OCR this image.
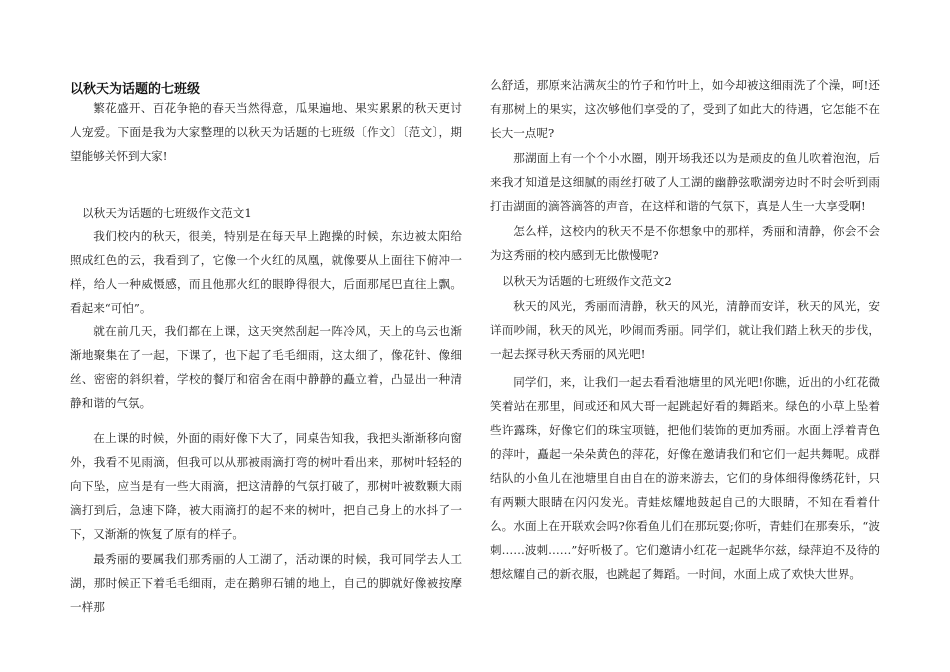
以秋天为话题的七班级

繁花盛开、百花争艳的春天当然得意，瓜果遍地、果实累累的秋天更讨人宠爱。下面是我为大家整理的以秋天为话题的七班级〔作文〕〔范文〕，期望能够关怀到大家!

以秋天为话题的七班级作文范文1

我们校内的秋天，很美，特别是在每天早上跑操的时候，东边被太阳给照成红色的云，我看到了，它像一个火红的凤凰，就像要从上面往下俯冲一样，给人一种威慑感，而且他那火红的眼睁得很大，后面那尾巴直往上飘。看起来“可怕”。

就在前几天，我们都在上课，这天突然刮起一阵冷风，天上的乌云也渐渐地聚集在了一起，下课了，也下起了毛毛细雨，这太细了，像花针、像细丝、密密的斜织着，学校的餐厅和宿舍在雨中静静的矗立着，凸显出一种清静和谐的气氛。

在上课的时候，外面的雨好像下大了，同桌告知我，我把头渐渐移向窗外，我看不见雨滴，但我可以从那被雨滴打弯的树叶看出来，那树叶轻轻的向下坠，应当是有一些大雨滴，把这清静的气氛打破了，那树叶被数颗大雨滴打到后，急速下降，被大雨滴打的起不来的树叶，把自己身上的水抖了一下，又渐渐的恢复了原有的样子。

最秀丽的要属我们那秀丽的人工湖了，活动课的时候，我可同学去人工湖，那时候正下着毛毛细雨，走在鹅卵石铺的地上，自己的脚就好像被按摩一样那

么舒适，那原来沾满灰尘的竹子和竹叶上，如今却被这细雨洗了个澡，呵!还有那树上的果实，这次够他们享受的了，受到了如此大的待遇，它怎能不在长大一点呢?

那湖面上有一个个小水圈，刚开场我还以为是顽皮的鱼儿吹着泡泡，后来我才知道是这细腻的雨丝打破了人工湖的幽静弦歌湖旁边时不时会听到雨打击湖面的滴答滴答的声音，在这样和谐的气氛下，真是人生一大享受啊!

怎么样，这校内的秋天不是不你想象中的那样，秀丽和清静，你会不会为这秀丽的校内感到无比傲慢呢?

以秋天为话题的七班级作文范文2

秋天的风光，秀丽而清静，秋天的风光，清静而安详，秋天的风光，安详而吵闹，秋天的风光，吵闹而秀丽。同学们，就让我们踏上秋天的步伐，一起去探寻秋天秀丽的风光吧!

同学们，来，让我们一起去看看池塘里的风光吧!你瞧，近出的小红花微笑着站在那里，间或还和风大哥一起跳起好看的舞蹈来。绿色的小草上坠着些许露珠，好像它们的珠宝项链，把他们装饰的更加秀丽。水面上浮着青色的萍叶，矗起一朵朵黄色的萍花，好像在邀请我们和它们一起共舞呢。成群结队的小鱼儿在池塘里自由自在的游来游去，它们的身体细得像绣花针，只有两颗大眼睛在闪闪发光。青蛙炫耀地鼓起自己的大眼睛，不知在看着什么。水面上在开联欢会吗?你看鱼儿们在那玩耍;你听，青蛙们在那奏乐，“波刺……波刺……”好听极了。它们邀请小红花一起跳华尔兹，绿萍迫不及待的想炫耀自己的新衣服，也跳起了舞蹈。一时间，水面上成了欢快大世界。
